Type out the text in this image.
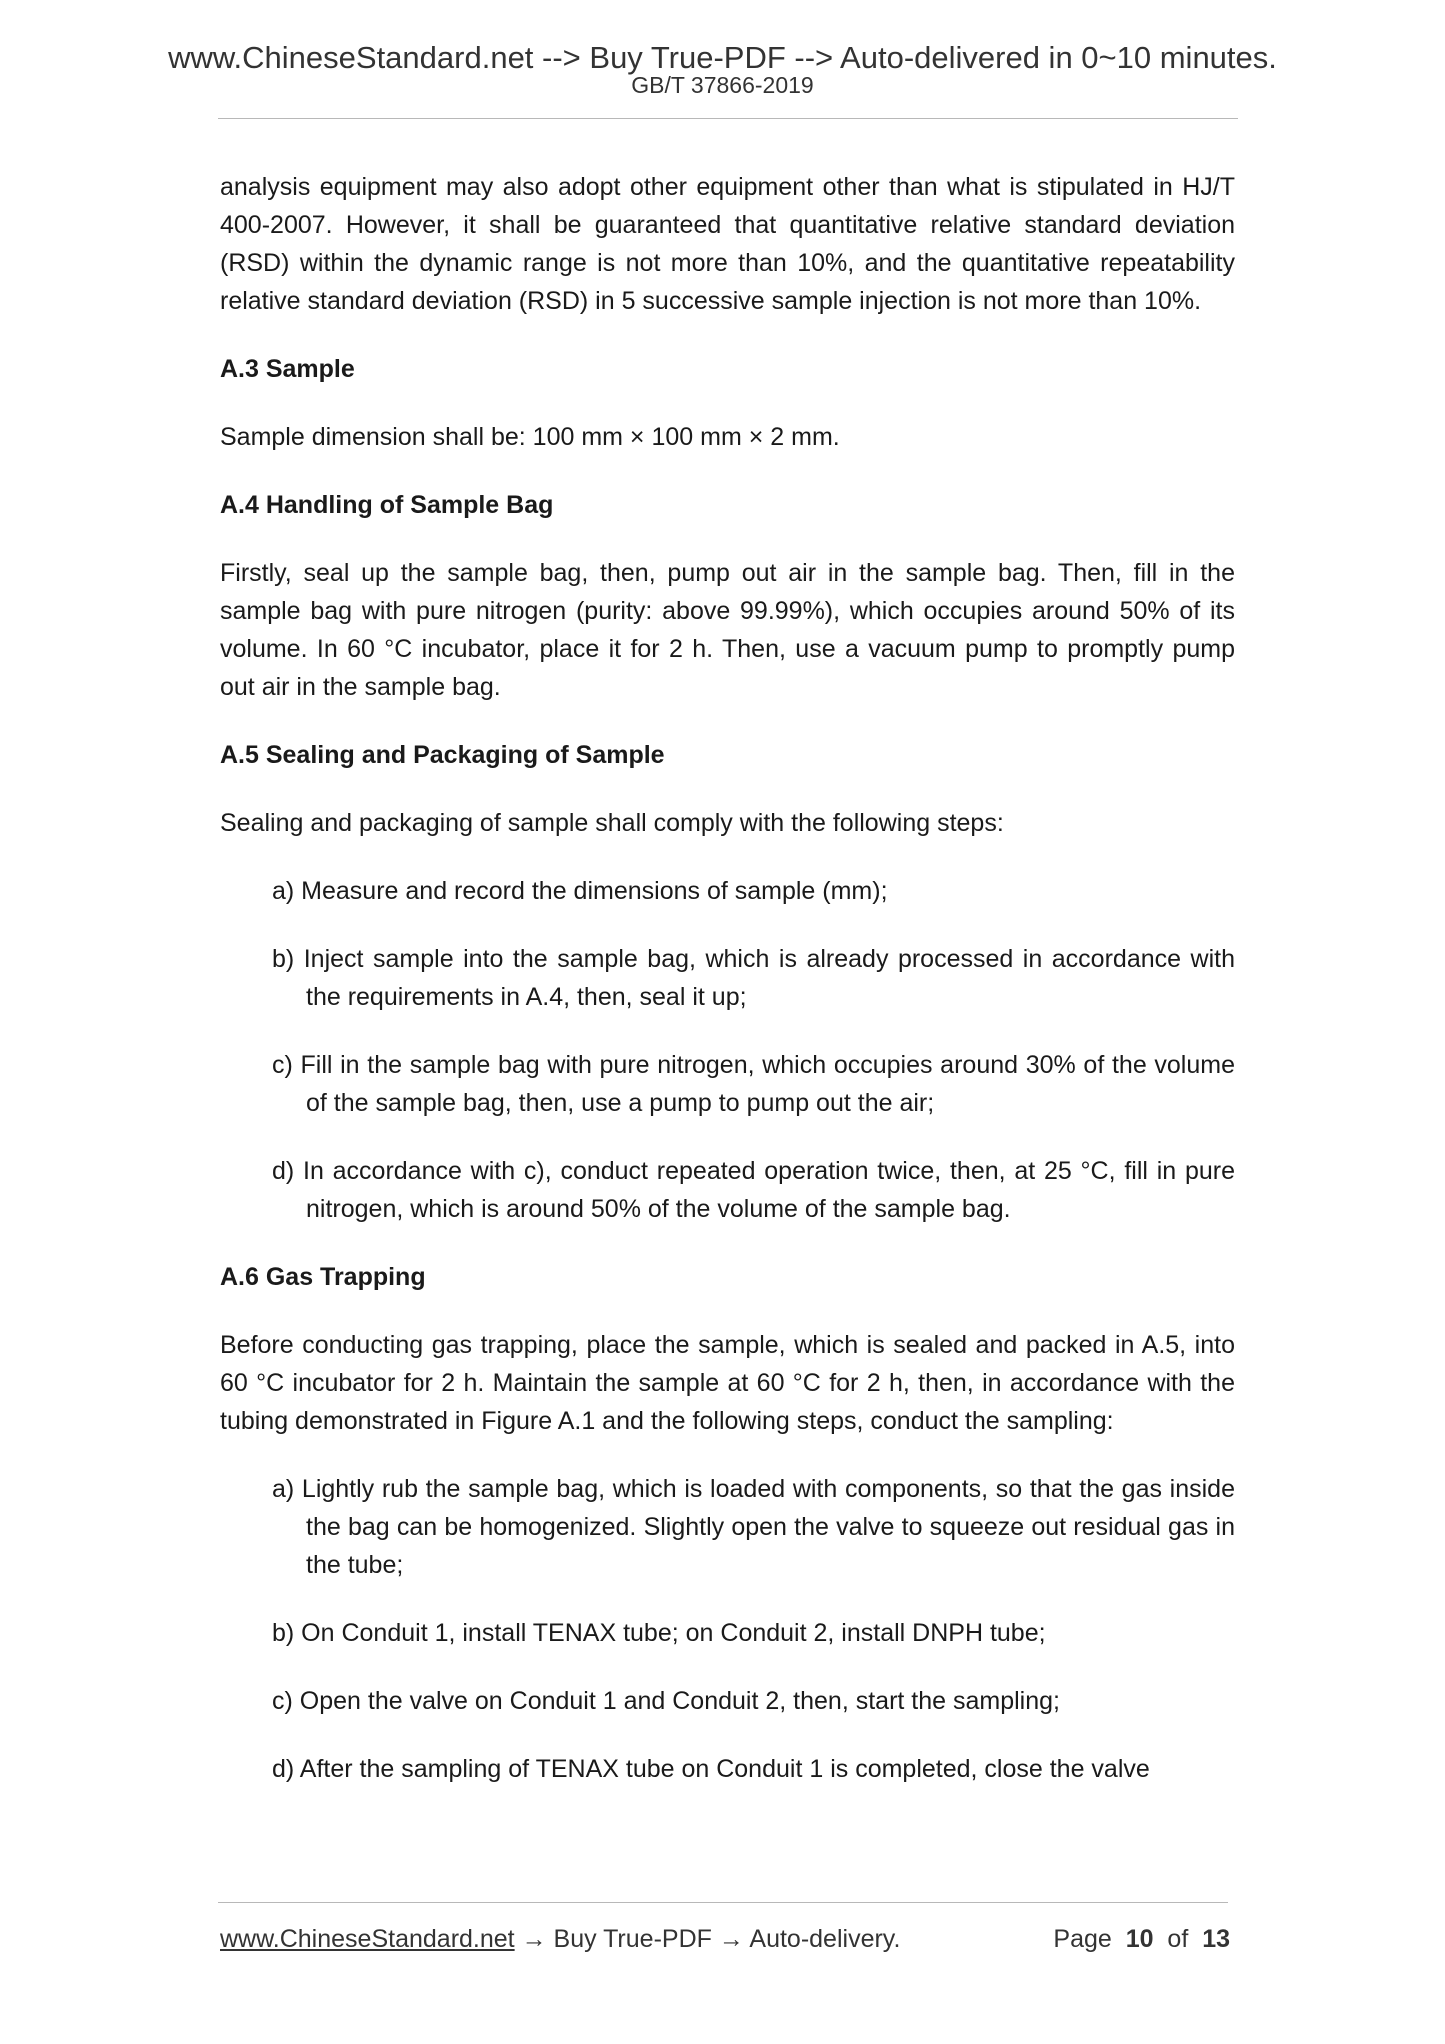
www.ChineseStandard.net --> Buy True-PDF --> Auto-delivered in 0~10 minutes.
GB/T 37866-2019

analysis equipment may also adopt other equipment other than what is stipulated in HJ/T 400-2007. However, it shall be guaranteed that quantitative relative standard deviation (RSD) within the dynamic range is not more than 10%, and the quantitative repeatability relative standard deviation (RSD) in 5 successive sample injection is not more than 10%.

A.3 Sample

Sample dimension shall be: 100 mm × 100 mm × 2 mm.

A.4 Handling of Sample Bag

Firstly, seal up the sample bag, then, pump out air in the sample bag. Then, fill in the sample bag with pure nitrogen (purity: above 99.99%), which occupies around 50% of its volume. In 60 °C incubator, place it for 2 h. Then, use a vacuum pump to promptly pump out air in the sample bag.

A.5 Sealing and Packaging of Sample

Sealing and packaging of sample shall comply with the following steps:

a) Measure and record the dimensions of sample (mm);
b) Inject sample into the sample bag, which is already processed in accordance with the requirements in A.4, then, seal it up;
c) Fill in the sample bag with pure nitrogen, which occupies around 30% of the volume of the sample bag, then, use a pump to pump out the air;
d) In accordance with c), conduct repeated operation twice, then, at 25 °C, fill in pure nitrogen, which is around 50% of the volume of the sample bag.
A.6 Gas Trapping

Before conducting gas trapping, place the sample, which is sealed and packed in A.5, into 60 °C incubator for 2 h. Maintain the sample at 60 °C for 2 h, then, in accordance with the tubing demonstrated in Figure A.1 and the following steps, conduct the sampling:

a) Lightly rub the sample bag, which is loaded with components, so that the gas inside the bag can be homogenized. Slightly open the valve to squeeze out residual gas in the tube;
b) On Conduit 1, install TENAX tube; on Conduit 2, install DNPH tube;
c) Open the valve on Conduit 1 and Conduit 2, then, start the sampling;
d) After the sampling of TENAX tube on Conduit 1 is completed, close the valve
www.ChineseStandard.net → Buy True-PDF → Auto-delivery.	Page 10 of 13
